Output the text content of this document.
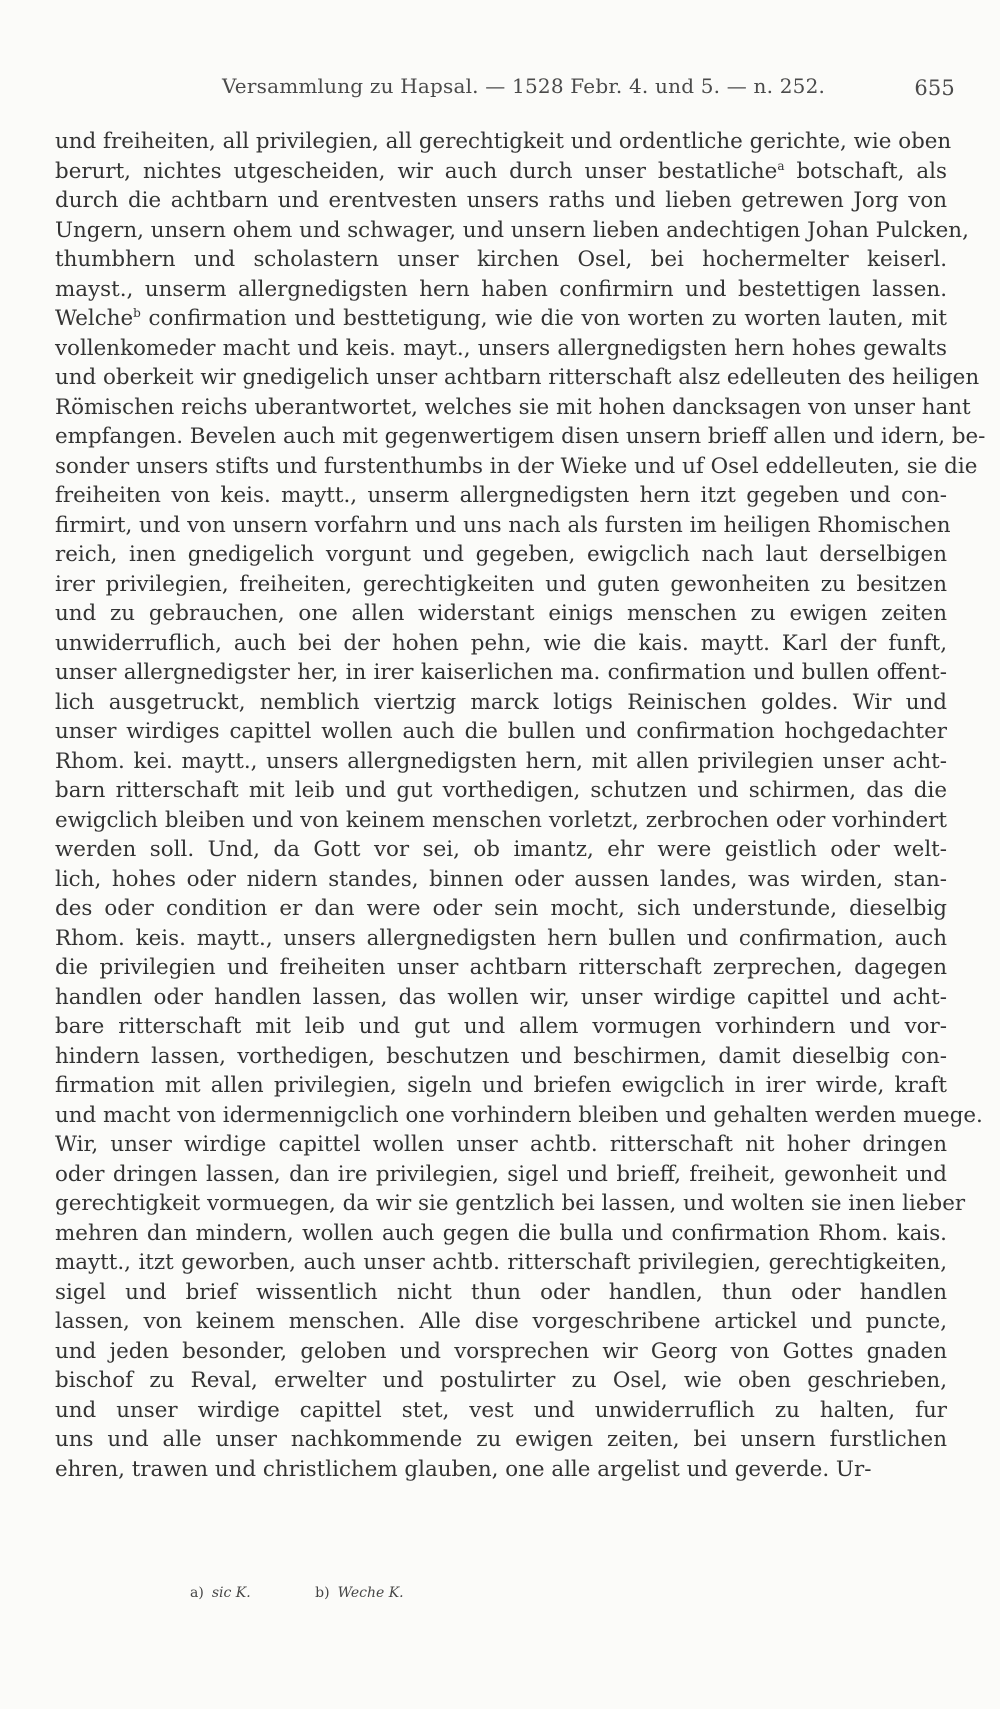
Versammlung zu Hapsal. — 1528 Febr. 4. und 5. — n. 252.	655
und freiheiten, all privilegien, all gerechtigkeit und ordentliche gerichte, wie oben
berurt, nichtes utgescheiden, wir auch durch unser bestatliche$^a$ botschaft, als
durch die achtbarn und erentvesten unsers raths und lieben getrewen Jorg von
Ungern, unsern ohem und schwager, und unsern lieben andechtigen Johan Pulcken,
thumbhern und scholastern unser kirchen Osel, bei hochermelter keiserl.
mayst., unserm allergnedigsten hern haben confirmirn und bestettigen lassen.
Welche$^b$ confirmation und besttetigung, wie die von worten zu worten lauten, mit
vollenkomeder macht und keis. mayt., unsers allergnedigsten hern hohes gewalts
und oberkeit wir gnedigelich unser achtbarn ritterschaft alsz edelleuten des heiligen
Römischen reichs uberantwortet, welches sie mit hohen dancksagen von unser hant
empfangen. Bevelen auch mit gegenwertigem disen unsern brieff allen und idern, be-
sonder unsers stifts und furstenthumbs in der Wieke und uf Osel eddelleuten, sie die
freiheiten von keis. maytt., unserm allergnedigsten hern itzt gegeben und con-
firmirt, und von unsern vorfahrn und uns nach als fursten im heiligen Rhomischen
reich, inen gnedigelich vorgunt und gegeben, ewigclich nach laut derselbigen
irer privilegien, freiheiten, gerechtigkeiten und guten gewonheiten zu besitzen
und zu gebrauchen, one allen widerstant einigs menschen zu ewigen zeiten
unwiderruflich, auch bei der hohen pehn, wie die kais. maytt. Karl der funft,
unser allergnedigster her, in irer kaiserlichen ma. confirmation und bullen offent-
lich ausgetruckt, nemblich viertzig marck lotigs Reinischen goldes. Wir und
unser wirdiges capittel wollen auch die bullen und confirmation hochgedachter
Rhom. kei. maytt., unsers allergnedigsten hern, mit allen privilegien unser acht-
barn ritterschaft mit leib und gut vorthedigen, schutzen und schirmen, das die
ewigclich bleiben und von keinem menschen vorletzt, zerbrochen oder vorhindert
werden soll. Und, da Gott vor sei, ob imantz, ehr were geistlich oder welt-
lich, hohes oder nidern standes, binnen oder aussen landes, was wirden, stan-
des oder condition er dan were oder sein mocht, sich understunde, dieselbig
Rhom. keis. maytt., unsers allergnedigsten hern bullen und confirmation, auch
die privilegien und freiheiten unser achtbarn ritterschaft zerprechen, dagegen
handlen oder handlen lassen, das wollen wir, unser wirdige capittel und acht-
bare ritterschaft mit leib und gut und allem vormugen vorhindern und vor-
hindern lassen, vorthedigen, beschutzen und beschirmen, damit dieselbig con-
firmation mit allen privilegien, sigeln und briefen ewigclich in irer wirde, kraft
und macht von idermennigclich one vorhindern bleiben und gehalten werden muege.
Wir, unser wirdige capittel wollen unser achtb. ritterschaft nit hoher dringen
oder dringen lassen, dan ire privilegien, sigel und brieff, freiheit, gewonheit und
gerechtigkeit vormuegen, da wir sie gentzlich bei lassen, und wolten sie inen lieber
mehren dan mindern, wollen auch gegen die bulla und confirmation Rhom. kais.
maytt., itzt geworben, auch unser achtb. ritterschaft privilegien, gerechtigkeiten,
sigel und brief wissentlich nicht thun oder handlen, thun oder handlen
lassen, von keinem menschen. Alle dise vorgeschribene artickel und puncte,
und jeden besonder, geloben und vorsprechen wir Georg von Gottes gnaden
bischof zu Reval, erwelter und postulirter zu Osel, wie oben geschrieben,
und unser wirdige capittel stet, vest und unwiderruflich zu halten, fur
uns und alle unser nachkommende zu ewigen zeiten, bei unsern furstlichen
ehren, trawen und christlichem glauben, one alle argelist und geverde. Ur-
a) sic K.	b) Weche K.
